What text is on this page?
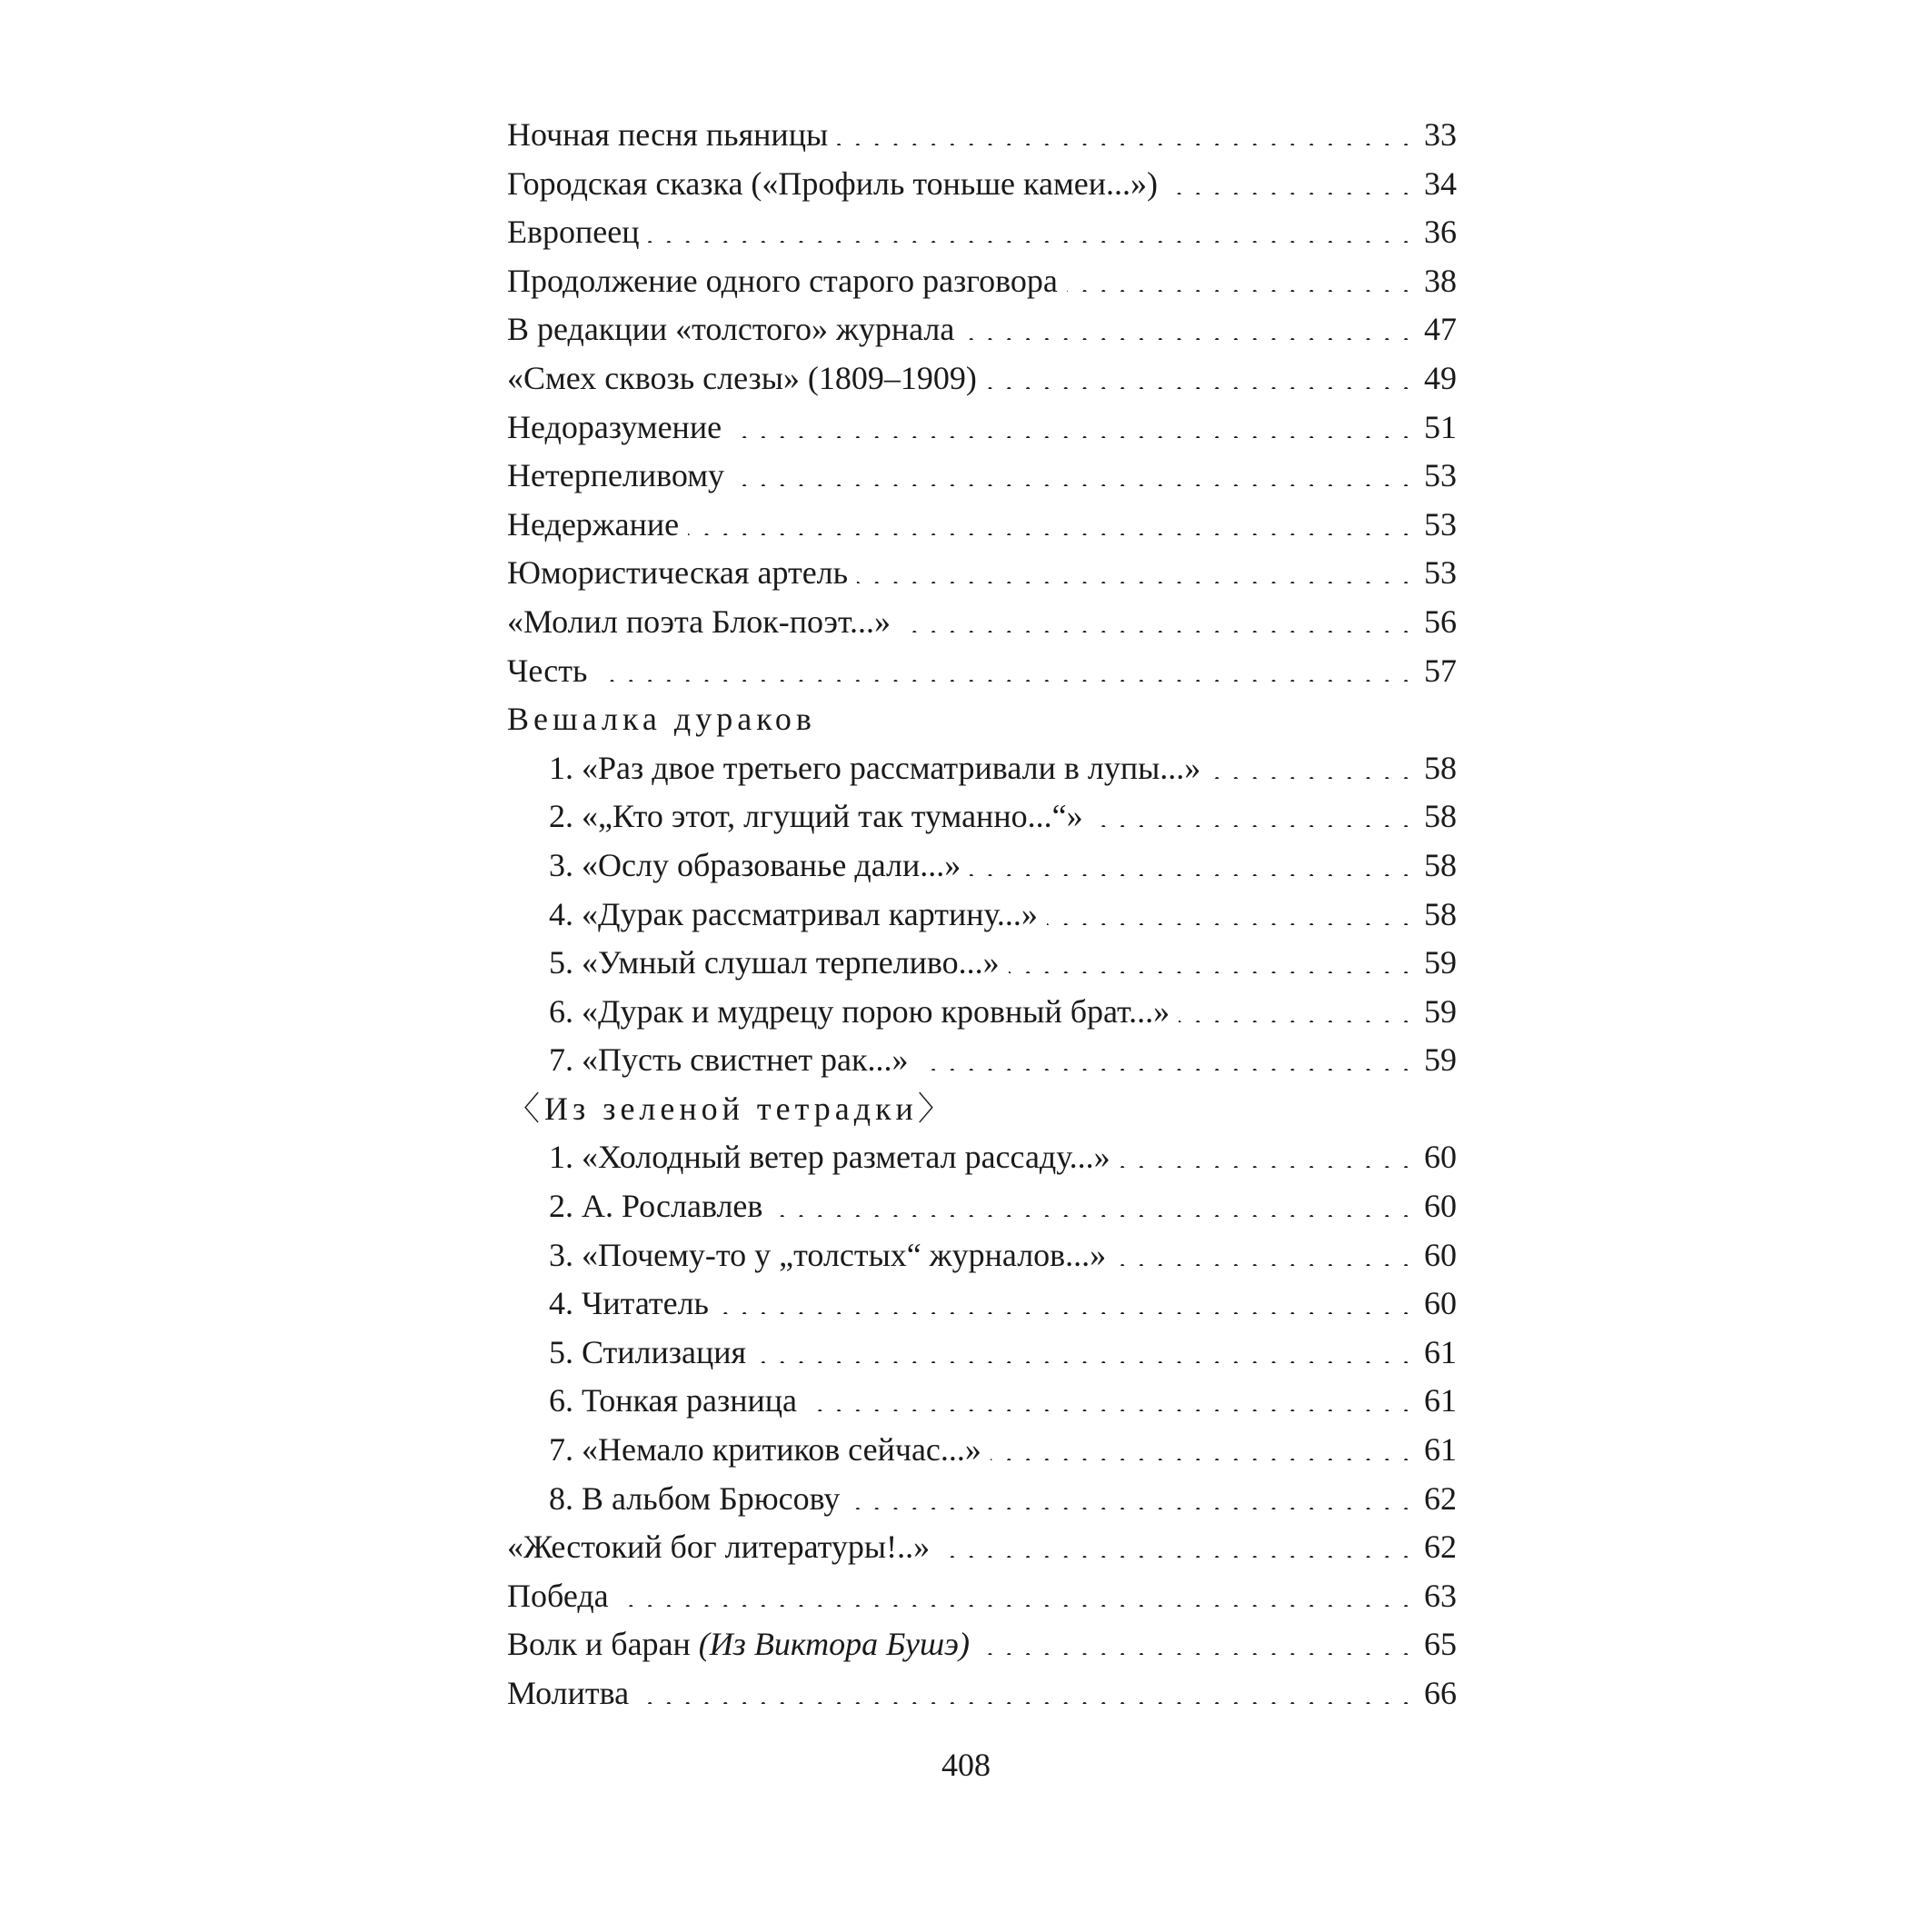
Ночная песня пьяницы . . .	33
Городская сказка («Профиль тоньше камеи...») . . .	34
Европеец . . .	36
Продолжение одного старого разговора . . .	38
В редакции «толстого» журнала . . .	47
«Смех сквозь слезы» (1809–1909) . . .	49
Недоразумение . . .	51
Нетерпеливому . . .	53
Недержание . . .	53
Юмористическая артель . . .	53
«Молил поэта Блок-поэт...» . . .	56
Честь . . .	57
Вешалка дураков
1. «Раз двое третьего рассматривали в лупы...» . . .	58
2. «„Кто этот, лгущий так туманно...“» . . .	58
3. «Ослу образованье дали...» . . .	58
4. «Дурак рассматривал картину...» . . .	58
5. «Умный слушал терпеливо...» . . .	59
6. «Дурак и мудрецу порою кровный брат...» . . .	59
7. «Пусть свистнет рак...» . . .	59
〈Из зеленой тетрадки〉
1. «Холодный ветер разметал рассаду...» . . .	60
2. А. Рославлев . . .	60
3. «Почему-то у „толстых“ журналов...» . . .	60
4. Читатель . . .	60
5. Стилизация . . .	61
6. Тонкая разница . . .	61
7. «Немало критиков сейчас...» . . .	61
8. В альбом Брюсову . . .	62
«Жестокий бог литературы!..» . . .	62
Победа . . .	63
Волк и баран (Из Виктора Бушэ) . . .	65
Молитва . . .	66
408
